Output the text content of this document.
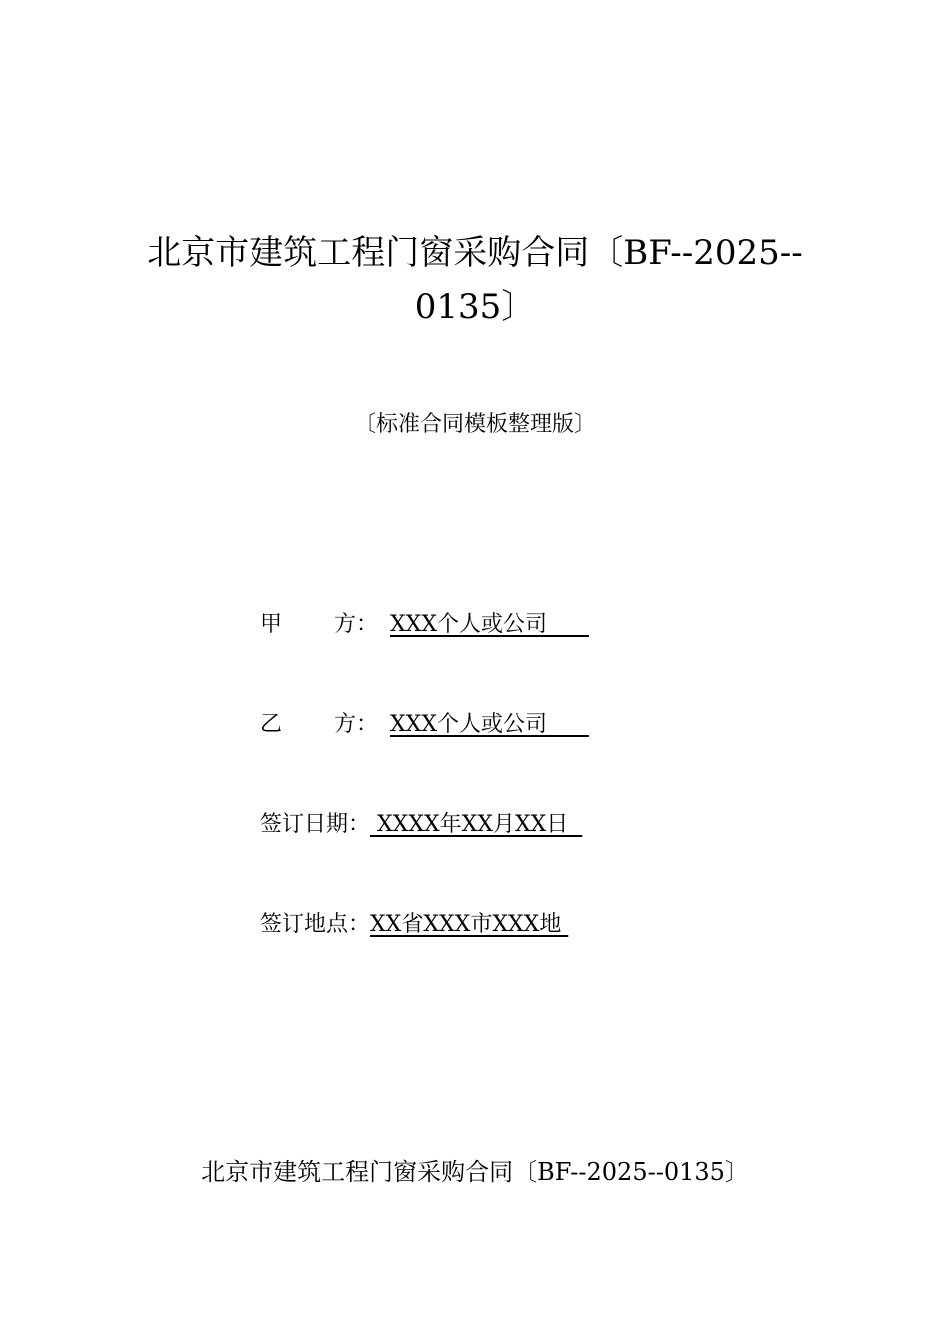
北京市建筑工程门窗采购合同〔BF--2025--
0135〕

〔标准合同模板整理版〕

甲 方： XXX个人或公司
乙 方： XXX个人或公司
签订日期： XXXX年XX月XX日
签订地点：XX省XXX市XXX地

北京市建筑工程门窗采购合同〔BF--2025--0135〕
